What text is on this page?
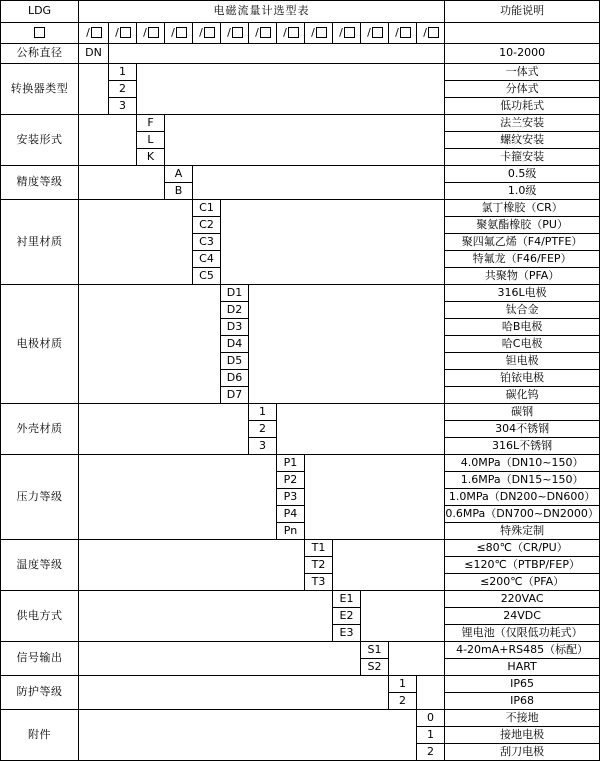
LDG	电磁流量计选型表													功能说明
	/	/	/	/	/	/	/	/	/	/	/	/	/	
公称直径	DN													10-2000
转换器类型		1												一体式
		2												分体式
		3												低功耗式
安装形式			F											法兰安装
			L											螺纹安装
			K											卡箍安装
精度等级				A										0.5级
				B										1.0级
衬里材质					C1									氯丁橡胶（CR）
					C2									聚氨酯橡胶（PU）
					C3									聚四氟乙烯（F4/PTFE）
					C4									特氟龙（F46/FEP）
					C5									共聚物（PFA）
电极材质						D1								316L电极
						D2								钛合金
						D3								哈B电极
						D4								哈C电极
						D5								钽电极
						D6								铂铱电极
						D7								碳化钨
外壳材质							1							碳钢
							2							304不锈钢
							3							316L不锈钢
压力等级								P1						4.0MPa（DN10~150）
								P2						1.6MPa（DN15~150）
								P3						1.0MPa（DN200~DN600）
								P4						0.6MPa（DN700~DN2000）
								Pn						特殊定制
温度等级									T1					≤80℃（CR/PU）
									T2					≤120℃（PTBP/FEP）
									T3					≤200℃（PFA）
供电方式										E1				220VAC
										E2				24VDC
										E3				锂电池（仅限低功耗式）
信号输出											S1			4-20mA+RS485（标配）
											S2			HART
防护等级												1		IP65
												2		IP68
附件													0	不接地
													1	接地电极
													2	刮刀电极
